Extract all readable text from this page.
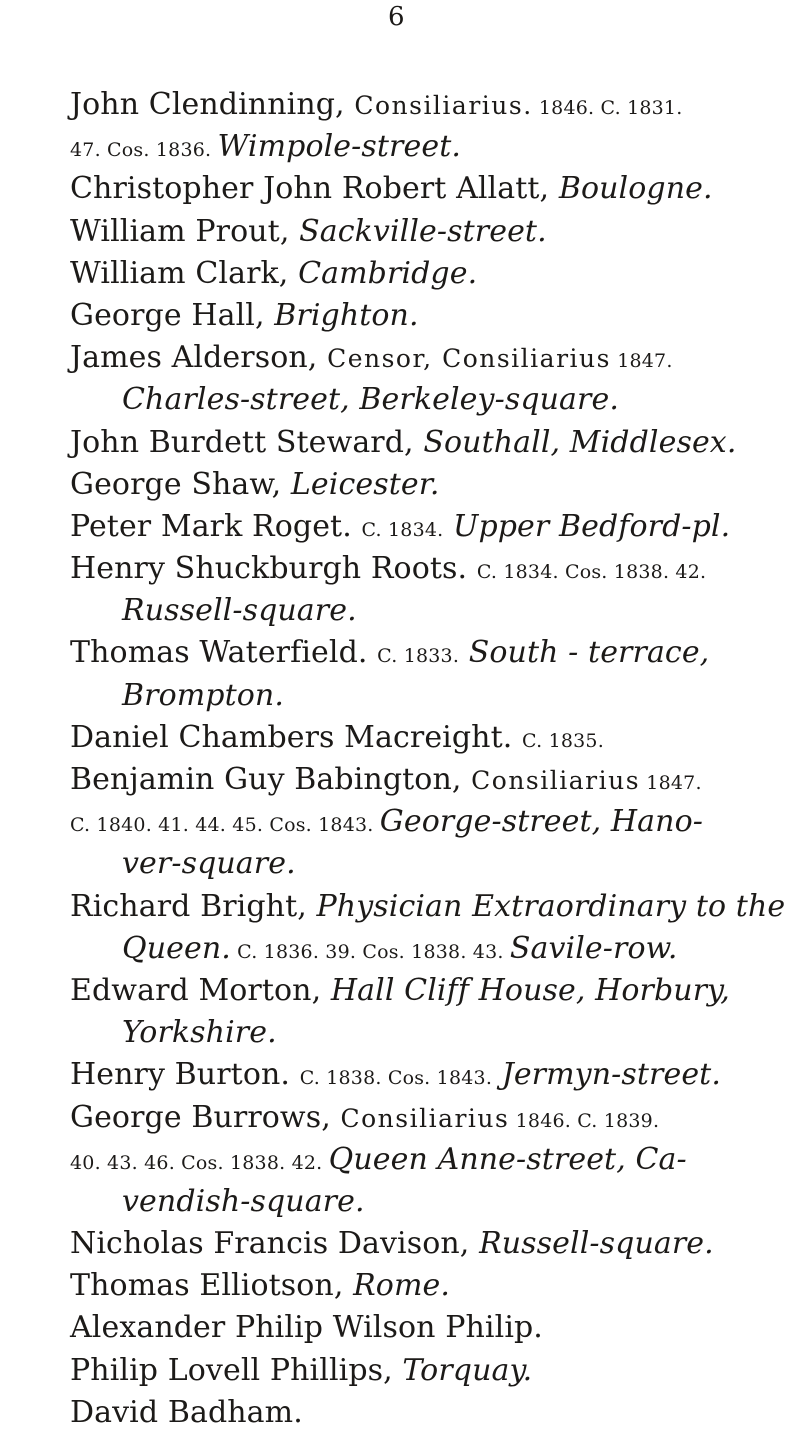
6
John Clendinning, Consiliarius. 1846. C. 1831.
47. Cos. 1836. Wimpole-street.
Christopher John Robert Allatt, Boulogne.
William Prout, Sackville-street.
William Clark, Cambridge.
George Hall, Brighton.
James Alderson, Censor, Consiliarius 1847.
Charles-street, Berkeley-square.
John Burdett Steward, Southall, Middlesex.
George Shaw, Leicester.
Peter Mark Roget. C. 1834. Upper Bedford-pl.
Henry Shuckburgh Roots. C. 1834. Cos. 1838. 42.
Russell-square.
Thomas Waterfield. C. 1833. South - terrace,
Brompton.
Daniel Chambers Macreight. C. 1835.
Benjamin Guy Babington, Consiliarius 1847.
C. 1840. 41. 44. 45. Cos. 1843. George-street, Hano-
ver-square.
Richard Bright, Physician Extraordinary to the
Queen. C. 1836. 39. Cos. 1838. 43. Savile-row.
Edward Morton, Hall Cliff House, Horbury,
Yorkshire.
Henry Burton. C. 1838. Cos. 1843. Jermyn-street.
George Burrows, Consiliarius 1846. C. 1839.
40. 43. 46. Cos. 1838. 42. Queen Anne-street, Ca-
vendish-square.
Nicholas Francis Davison, Russell-square.
Thomas Elliotson, Rome.
Alexander Philip Wilson Philip.
Philip Lovell Phillips, Torquay.
David Badham.
